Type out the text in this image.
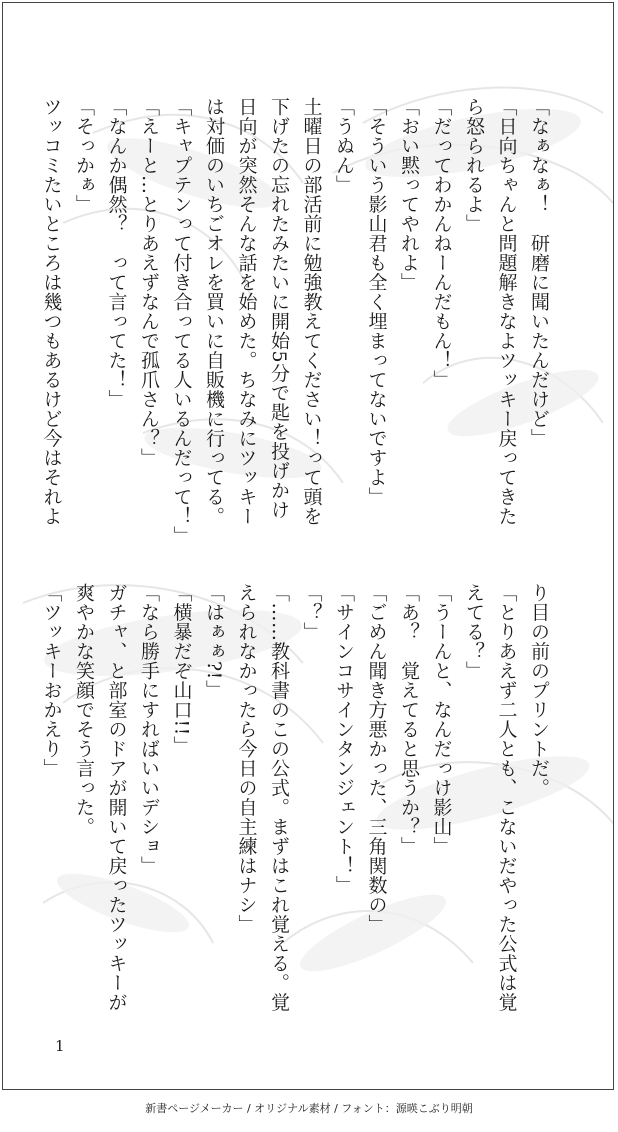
「なぁなぁ！　研磨に聞いたんだけど」

「日向ちゃんと問題解きなよツッキー戻ってきた

ら怒られるよ」

「だってわかんねーんだもん！」

「おい黙ってやれよ」

「そういう影山君も全く埋まってないですよ」

「うぬん」

土曜日の部活前に勉強教えてください！って頭を

下げたの忘れたみたいに開始5分で匙を投げかけ

日向が突然そんな話を始めた。ちなみにツッキー

は対価のいちごオレを買いに自販機に行ってる。

「キャプテンって付き合ってる人いるんだって！」

「えーと…とりあえずなんで孤爪さん？」

「なんか偶然？　って言ってた！」

「そっかぁ」

ツッコミたいところは幾つもあるけど今はそれよ

り目の前のプリントだ。

「とりあえず二人とも、こないだやった公式は覚

えてる？」

「うーんと、なんだっけ影山」

「あ？　覚えてると思うか？」

「ごめん聞き方悪かった、三角関数の」

「サインコサインタンジェント！」

「？」

「……教科書のこの公式。まずはこれ覚える。覚

えられなかったら今日の自主練はナシ」

「はぁぁ?!」

「横暴だぞ山口!!」

「なら勝手にすればいいデショ」

ガチャ、と部室のドアが開いて戻ったツッキーが

爽やかな笑顔でそう言った。

「ツッキーおかえり」

1
新書ページメーカー / オリジナル素材 / フォント：源暎こぶり明朝
